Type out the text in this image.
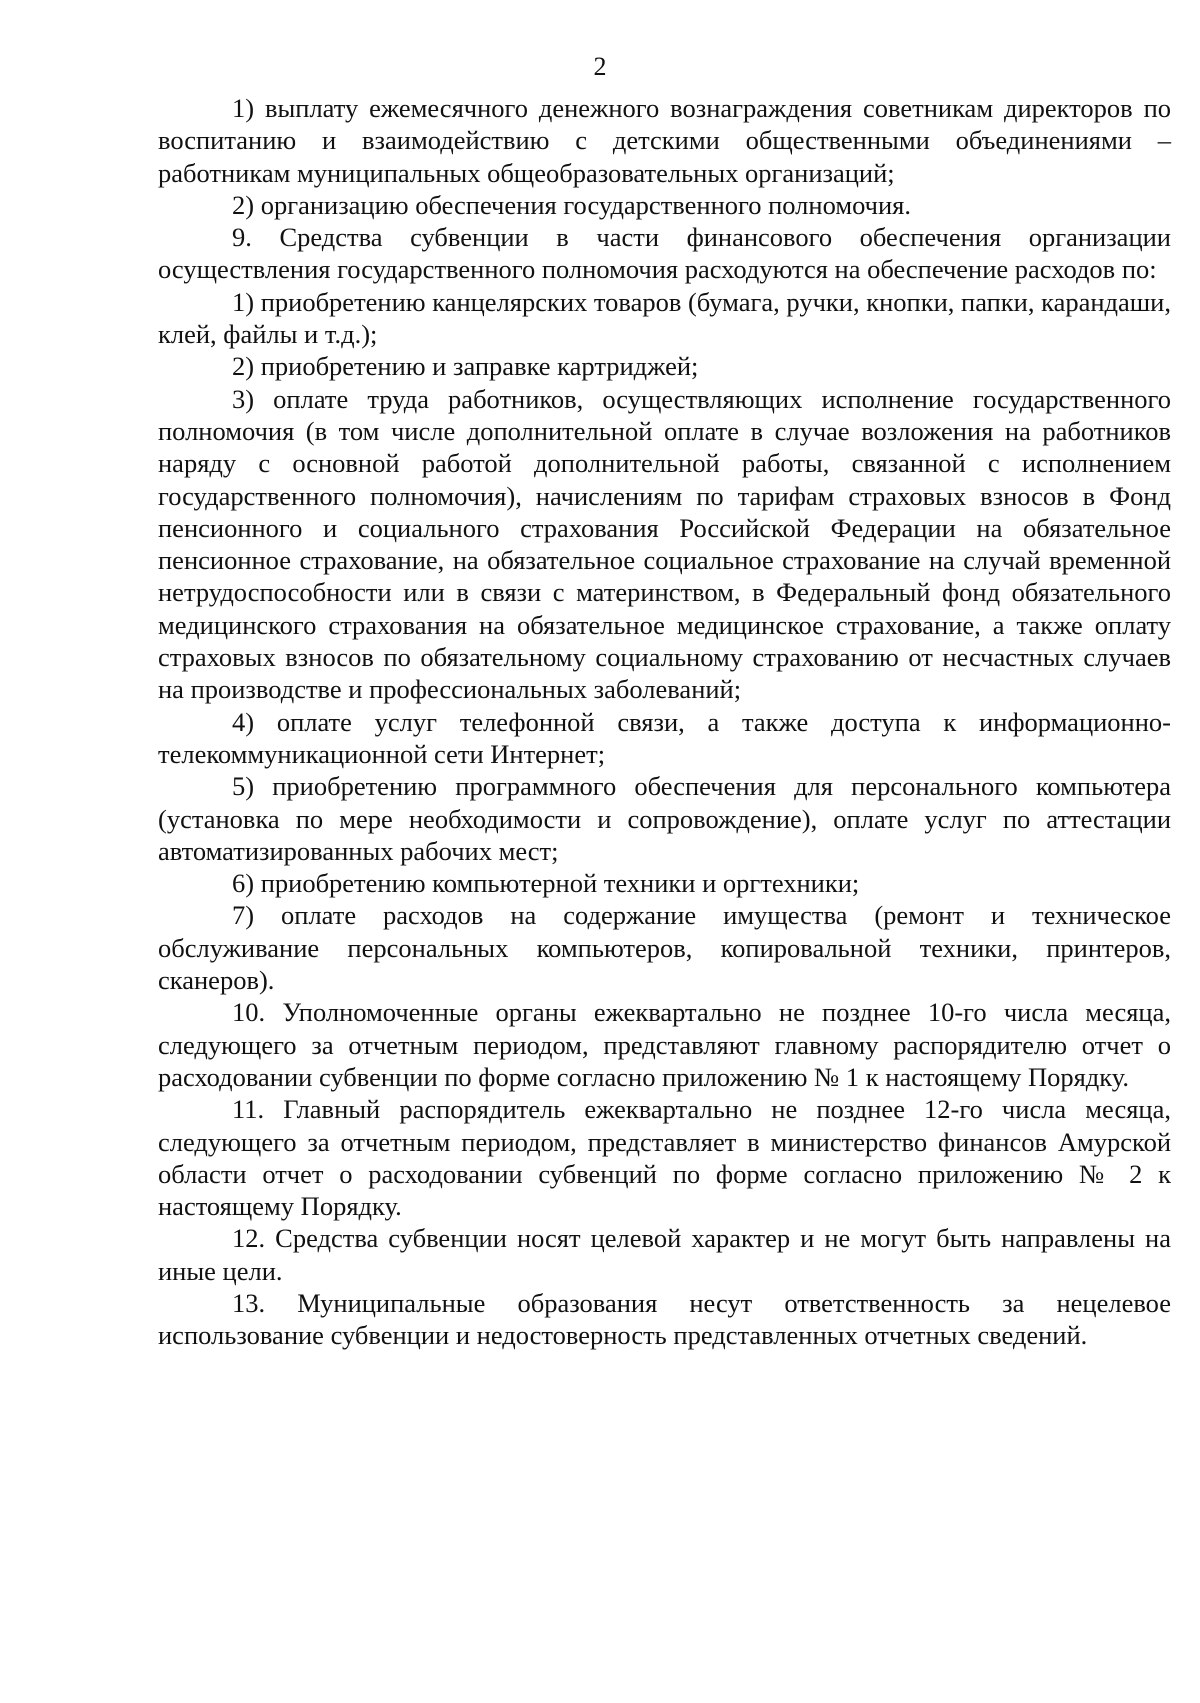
2

1) выплату ежемесячного денежного вознаграждения советникам директоров по воспитанию и взаимодействию с детскими общественными объединениями – работникам муниципальных общеобразовательных организаций;

2) организацию обеспечения государственного полномочия.

9. Средства субвенции в части финансового обеспечения организации осуществления государственного полномочия расходуются на обеспечение расходов по:

1) приобретению канцелярских товаров (бумага, ручки, кнопки, папки, карандаши, клей, файлы и т.д.);

2) приобретению и заправке картриджей;

3) оплате труда работников, осуществляющих исполнение государственного полномочия (в том числе дополнительной оплате в случае возложения на работников наряду с основной работой дополнительной работы, связанной с исполнением государственного полномочия), начислениям по тарифам страховых взносов в Фонд пенсионного и социального страхования Российской Федерации на обязательное пенсионное страхование, на обязательное социальное страхование на случай временной нетрудоспособности или в связи с материнством, в Федеральный фонд обязательного медицинского страхования на обязательное медицинское страхование, а также оплату страховых взносов по обязательному социальному страхованию от несчастных случаев на производстве и профессиональных заболеваний;

4) оплате услуг телефонной связи, а также доступа к информационно-телекоммуникационной сети Интернет;

5) приобретению программного обеспечения для персонального компьютера (установка по мере необходимости и сопровождение), оплате услуг по аттестации автоматизированных рабочих мест;

6) приобретению компьютерной техники и оргтехники;

7) оплате расходов на содержание имущества (ремонт и техническое обслуживание персональных компьютеров, копировальной техники, принтеров, сканеров).

10. Уполномоченные органы ежеквартально не позднее 10-го числа месяца, следующего за отчетным периодом, представляют главному распорядителю отчет о расходовании субвенции по форме согласно приложению № 1 к настоящему Порядку.

11. Главный распорядитель ежеквартально не позднее 12-го числа месяца, следующего за отчетным периодом, представляет в министерство финансов Амурской области отчет о расходовании субвенций по форме согласно приложению № 2 к настоящему Порядку.

12. Средства субвенции носят целевой характер и не могут быть направлены на иные цели.

13. Муниципальные образования несут ответственность за нецелевое использование субвенции и недостоверность представленных отчетных сведений.
